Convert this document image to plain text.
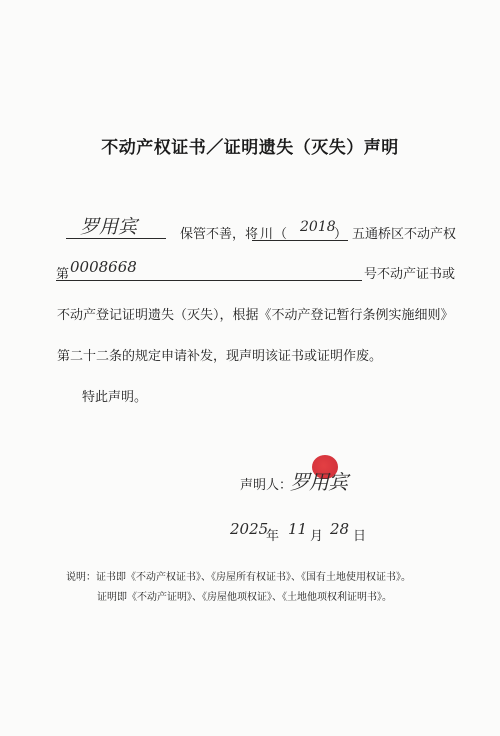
不动产权证书／证明遗失（灭失）声明
罗用宾	保管不善，将 川 （ 2018
） 五通桥区不动产权
第 0008668	号不动产证书或
不动产登记证明遗失（灭失），根据《不动产登记暂行条例实施细则》
第二十二条的规定申请补发，现声明该证书或证明作废。
特此声明。
声明人：
罗用宾
2025
年 11 月 28 日
说明：证书即《不动产权证书》、《房屋所有权证书》、《国有土地使用权证书》。
证明即《不动产证明》、《房屋他项权证》、《土地他项权利证明书》。
